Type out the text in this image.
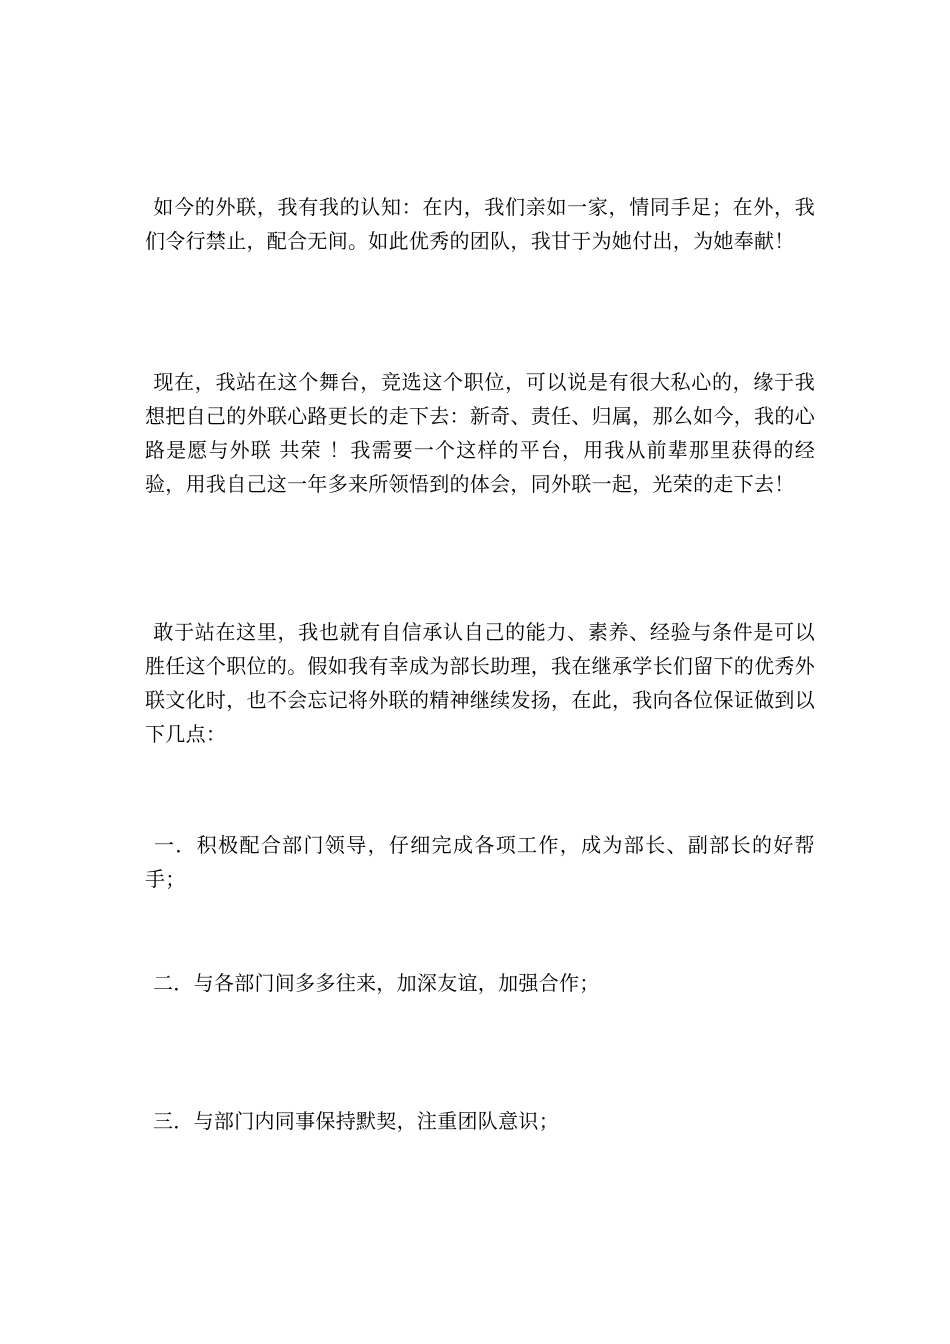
如今的外联，我有我的认知：在内，我们亲如一家，情同手足；在外，我们令行禁止，配合无间。如此优秀的团队，我甘于为她付出，为她奉献！

现在，我站在这个舞台，竞选这个职位，可以说是有很大私心的，缘于我想把自己的外联心路更长的走下去：新奇、责任、归属，那么如今，我的心路是愿与外联 共荣 ！我需要一个这样的平台，用我从前辈那里获得的经验，用我自己这一年多来所领悟到的体会，同外联一起，光荣的走下去！

敢于站在这里，我也就有自信承认自己的能力、素养、经验与条件是可以胜任这个职位的。假如我有幸成为部长助理，我在继承学长们留下的优秀外联文化时，也不会忘记将外联的精神继续发扬，在此，我向各位保证做到以下几点：

一．积极配合部门领导，仔细完成各项工作，成为部长、副部长的好帮手；

二．与各部门间多多往来，加深友谊，加强合作；

三．与部门内同事保持默契，注重团队意识；
